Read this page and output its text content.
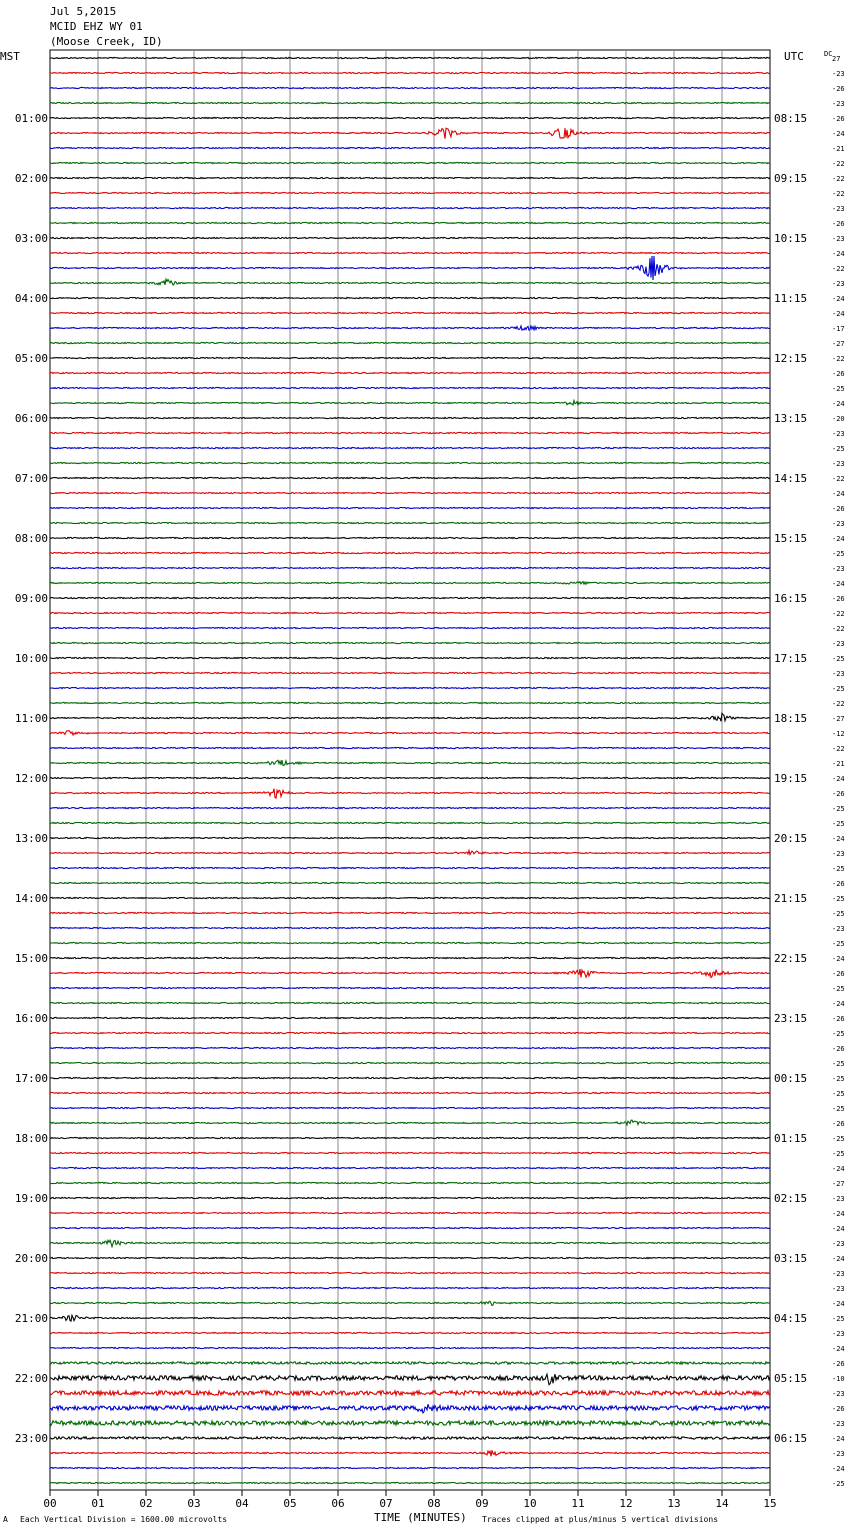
Jul 5,2015
MCID EHZ WY 01
(Moose Creek, ID)
MST	UTC	27
-23
-26
-23
-26
-24
-21
-22
-22
-22
-23
-26
-23
-24
-22
-23
-24
-24
-17
-27
-22
-26
-25
-24
-20
-23
-25
-23
-22
-24
-26
-23
-24
-25
-23
-24
-26
-22
-22
-23
-25
-23
-25
-22
-27
-12
-22
-21
-24
-26
-25
-25
-24
-23
-25
-26
-25
-25
-23
-25
-24
-26
-25
-24
-26
-25
-26
-25
-25
-25
-25
-26
-25
-25
-24
-27
-23
-24
-24
-23
-24
-23
-23
-24
-25
-23
-24
-26
-10
-23
-26
-23
-24
-23
-24
-25
DC
01:00
02:00
03:00
04:00
05:00
06:00
07:00
08:00
09:00
10:00
11:00
12:00
13:00
14:00
15:00
16:00
17:00
18:00
19:00
20:00
21:00
22:00
23:00
08:15
09:15
10:15
11:15
12:15
13:15
14:15
15:15
16:15
17:15
18:15
19:15
20:15
21:15
22:15
23:15
00:15
01:15
02:15
03:15
04:15
05:15
06:15
00	01	02	03	04	05	06	07	08	09	10	11	12	13	14	15
A Each Vertical Division = 1600.00 microvolts	TIME (MINUTES) Traces clipped at plus/minus 5 vertical divisions
